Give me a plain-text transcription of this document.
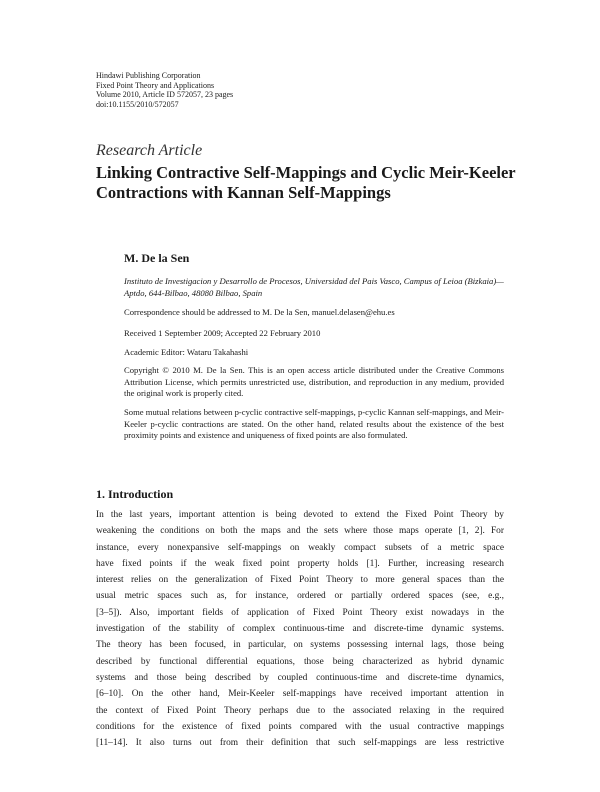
Hindawi Publishing Corporation
Fixed Point Theory and Applications
Volume 2010, Article ID 572057, 23 pages
doi:10.1155/2010/572057
Research Article
Linking Contractive Self-Mappings and Cyclic Meir-Keeler Contractions with Kannan Self-Mappings
M. De la Sen
Instituto de Investigacion y Desarrollo de Procesos, Universidad del Pais Vasco, Campus of Leioa (Bizkaia)—Aptdo, 644-Bilbao, 48080 Bilbao, Spain
Correspondence should be addressed to M. De la Sen, manuel.delasen@ehu.es
Received 1 September 2009; Accepted 22 February 2010
Academic Editor: Wataru Takahashi
Copyright © 2010 M. De la Sen. This is an open access article distributed under the Creative Commons Attribution License, which permits unrestricted use, distribution, and reproduction in any medium, provided the original work is properly cited.
Some mutual relations between p-cyclic contractive self-mappings, p-cyclic Kannan self-mappings, and Meir-Keeler p-cyclic contractions are stated. On the other hand, related results about the existence of the best proximity points and existence and uniqueness of fixed points are also formulated.
1. Introduction
In the last years, important attention is being devoted to extend the Fixed Point Theory by
weakening the conditions on both the maps and the sets where those maps operate [1, 2]. For
instance, every nonexpansive self-mappings on weakly compact subsets of a metric space
have fixed points if the weak fixed point property holds [1]. Further, increasing research
interest relies on the generalization of Fixed Point Theory to more general spaces than the
usual metric spaces such as, for instance, ordered or partially ordered spaces (see, e.g.,
[3–5]). Also, important fields of application of Fixed Point Theory exist nowadays in the
investigation of the stability of complex continuous-time and discrete-time dynamic systems.
The theory has been focused, in particular, on systems possessing internal lags, those being
described by functional differential equations, those being characterized as hybrid dynamic
systems and those being described by coupled continuous-time and discrete-time dynamics,
[6–10]. On the other hand, Meir-Keeler self-mappings have received important attention in
the context of Fixed Point Theory perhaps due to the associated relaxing in the required
conditions for the existence of fixed points compared with the usual contractive mappings
[11–14]. It also turns out from their definition that such self-mappings are less restrictive
